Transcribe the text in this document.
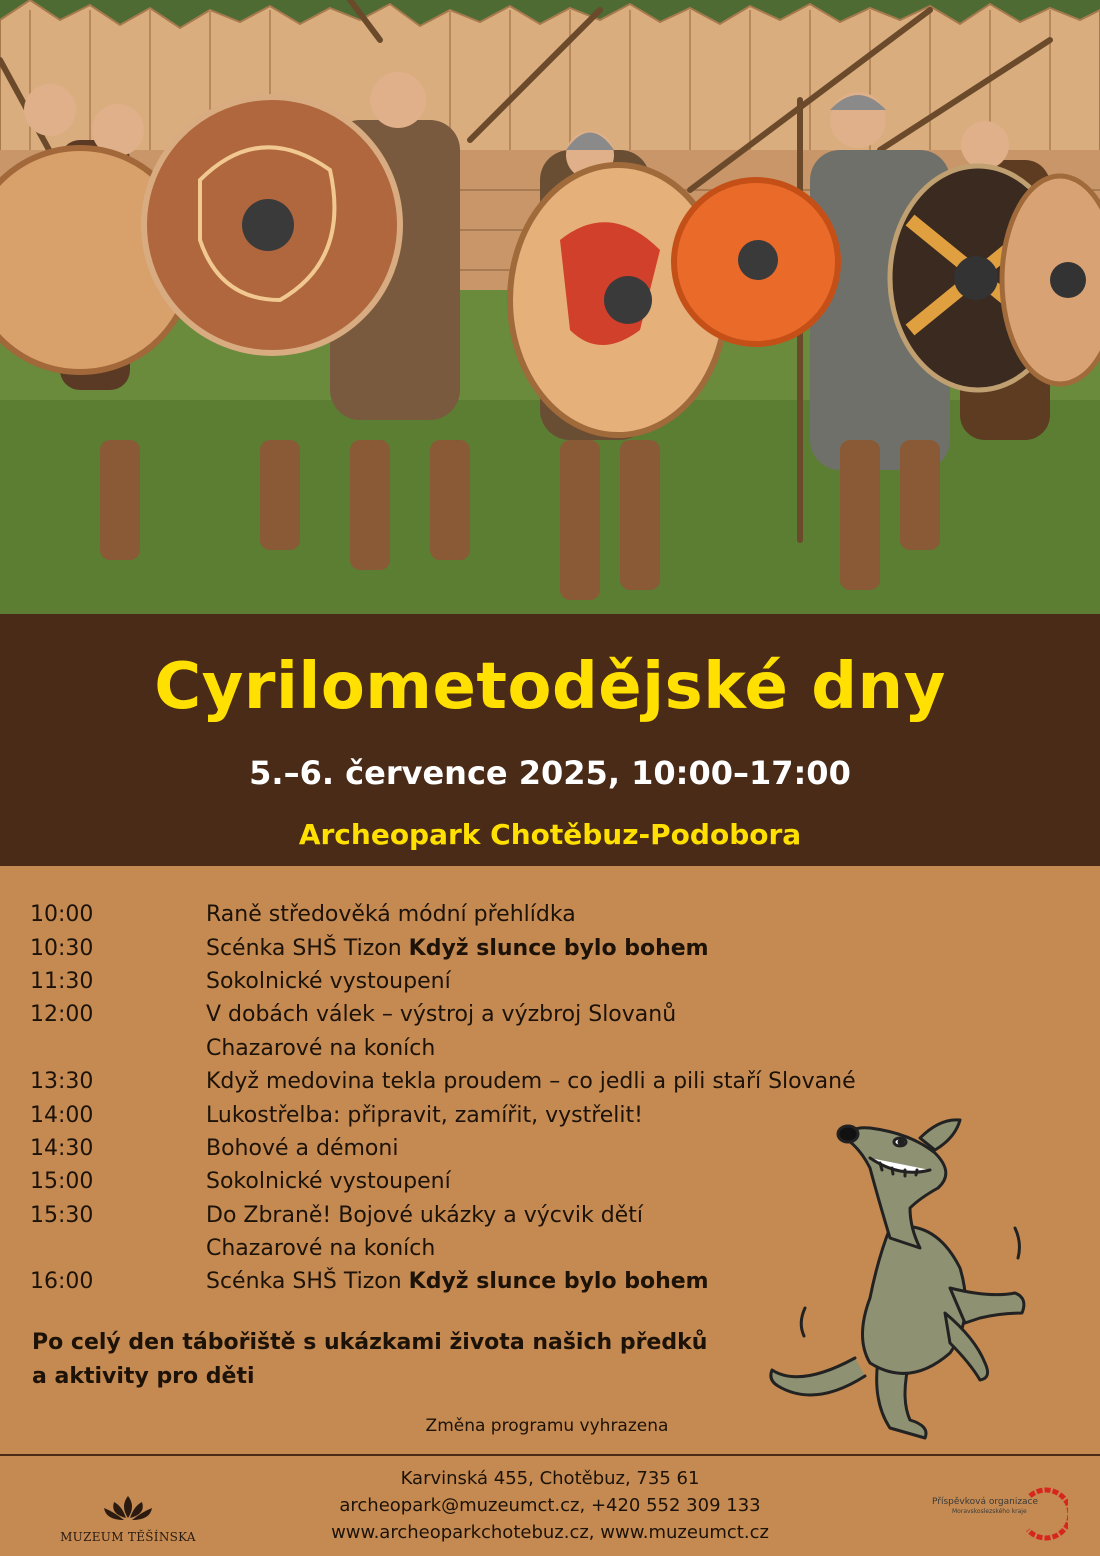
Cyrilometodějské dny
5.–6. července 2025, 10:00–17:00
Archeopark Chotěbuz-Podobora
10:00	Raně středověká módní přehlídka
10:30	Scénka SHŠ Tizon Když slunce bylo bohem
11:30	Sokolnické vystoupení
12:00	V dobách válek – výstroj a výzbroj Slovanů
Chazarové na koních
13:30	Když medovina tekla proudem – co jedli a pili staří Slované
14:00	Lukostřelba: připravit, zamířit, vystřelit!
14:30	Bohové a démoni
15:00	Sokolnické vystoupení
15:30	Do Zbraně! Bojové ukázky a výcvik dětí
Chazarové na koních
16:00	Scénka SHŠ Tizon Když slunce bylo bohem
Po celý den tábořiště s ukázkami života našich předků
a aktivity pro děti
Změna programu vyhrazena
Karvinská 455, Chotěbuz, 735 61
archeopark@muzeumct.cz, +420 552 309 133
www.archeoparkchotebuz.cz, www.muzeumct.cz
MUZEUM TĚŠÍNSKA
Příspěvková organizace
Moravskoslezského kraje
